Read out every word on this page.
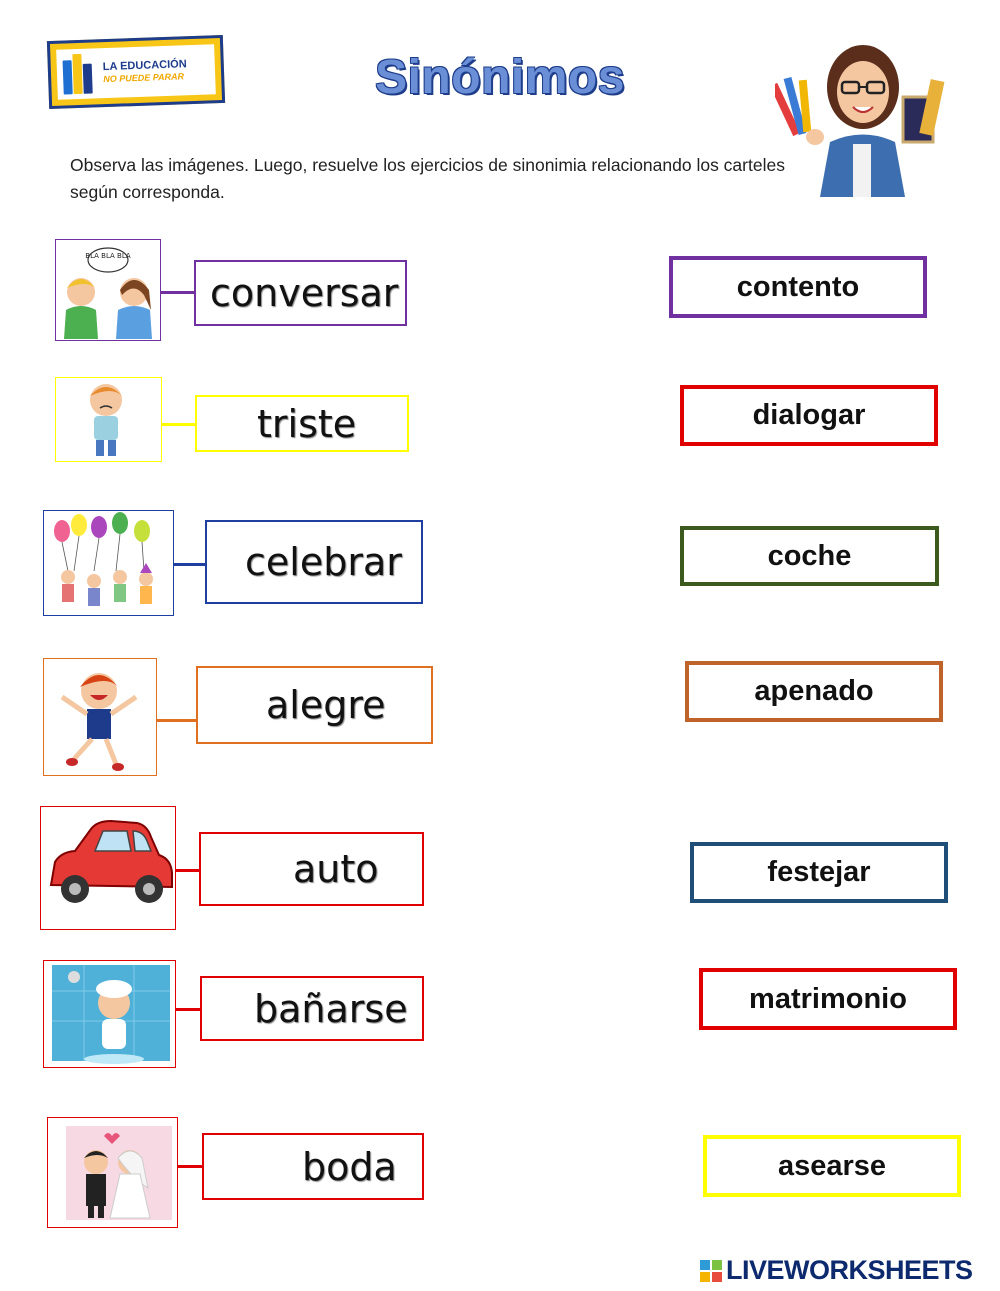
LA EDUCACIÓN
NO PUEDE PARAR	Sinónimos
Observa las imágenes. Luego, resuelve los ejercicios de sinonimia relacionando los carteles según corresponda.
BLA BLA BLA
conversar
triste
celebrar
alegre
auto
bañarse
boda
contento
dialogar
coche
apenado
festejar
matrimonio
asearse
LIVEWORKSHEETS
